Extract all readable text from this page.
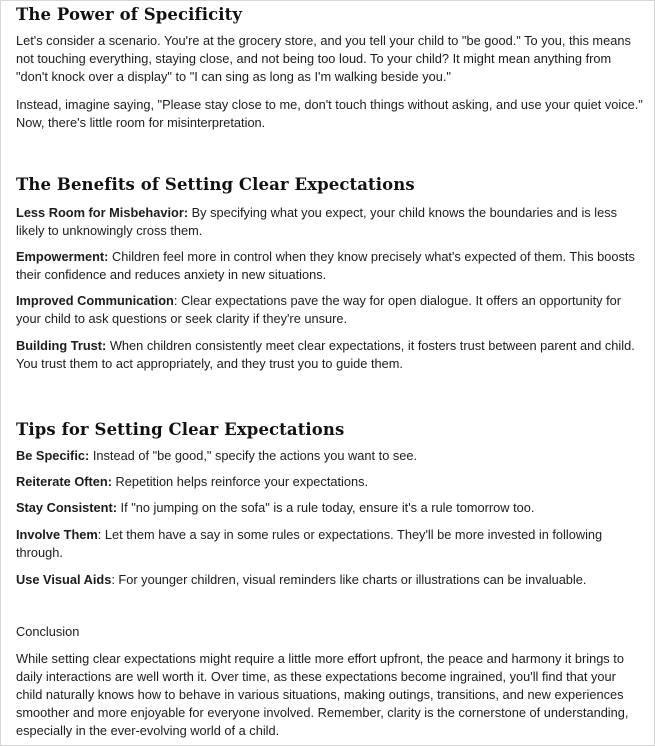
The Power of Specificity

Let's consider a scenario. You're at the grocery store, and you tell your child to "be good." To you, this means not touching everything, staying close, and not being too loud. To your child? It might mean anything from "don't knock over a display" to "I can sing as long as I'm walking beside you."

Instead, imagine saying, "Please stay close to me, don't touch things without asking, and use your quiet voice." Now, there's little room for misinterpretation.

The Benefits of Setting Clear Expectations

Less Room for Misbehavior: By specifying what you expect, your child knows the boundaries and is less likely to unknowingly cross them.

Empowerment: Children feel more in control when they know precisely what's expected of them. This boosts their confidence and reduces anxiety in new situations.

Improved Communication: Clear expectations pave the way for open dialogue. It offers an opportunity for your child to ask questions or seek clarity if they're unsure.

Building Trust: When children consistently meet clear expectations, it fosters trust between parent and child. You trust them to act appropriately, and they trust you to guide them.

Tips for Setting Clear Expectations

Be Specific: Instead of "be good," specify the actions you want to see.

Reiterate Often: Repetition helps reinforce your expectations.

Stay Consistent: If "no jumping on the sofa" is a rule today, ensure it's a rule tomorrow too.

Involve Them: Let them have a say in some rules or expectations. They'll be more invested in following through.

Use Visual Aids: For younger children, visual reminders like charts or illustrations can be invaluable.

Conclusion

While setting clear expectations might require a little more effort upfront, the peace and harmony it brings to daily interactions are well worth it. Over time, as these expectations become ingrained, you'll find that your child naturally knows how to behave in various situations, making outings, transitions, and new experiences smoother and more enjoyable for everyone involved. Remember, clarity is the cornerstone of understanding, especially in the ever-evolving world of a child.
